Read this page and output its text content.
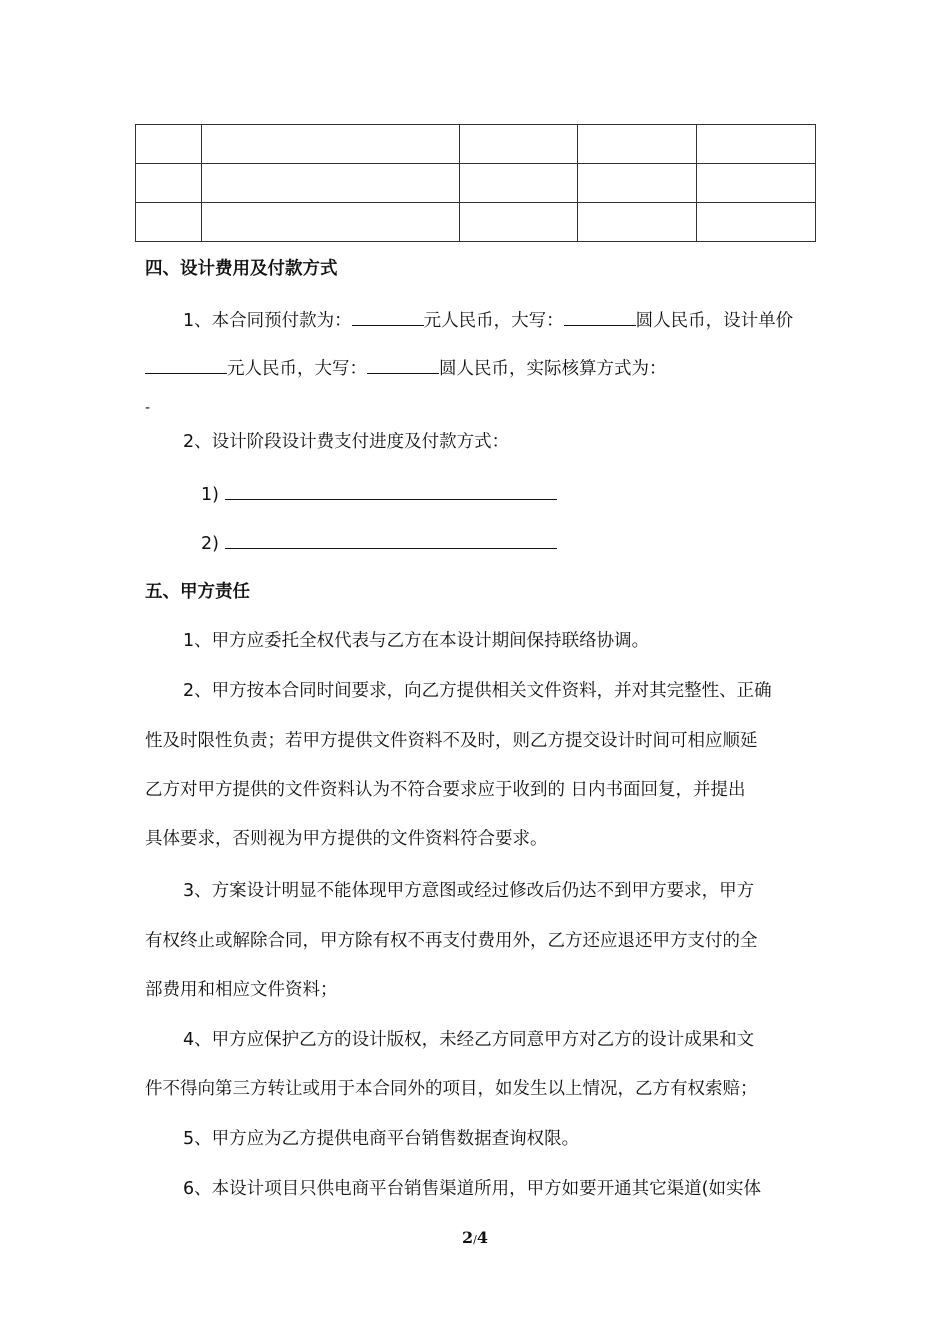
四、设计费用及付款方式
1、本合同预付款为：	元人民币，大写：	圆人民币，设计单价
元人民币，大写：	圆人民币，实际核算方式为：
-
2、设计阶段设计费支付进度及付款方式：
1)
2)
五、甲方责任
1、甲方应委托全权代表与乙方在本设计期间保持联络协调。
2、甲方按本合同时间要求，向乙方提供相关文件资料，并对其完整性、正确
性及时限性负责；若甲方提供文件资料不及时，则乙方提交设计时间可相应顺延
乙方对甲方提供的文件资料认为不符合要求应于收到的 日内书面回复，并提出
具体要求，否则视为甲方提供的文件资料符合要求。
3、方案设计明显不能体现甲方意图或经过修改后仍达不到甲方要求，甲方
有权终止或解除合同，甲方除有权不再支付费用外，乙方还应退还甲方支付的全
部费用和相应文件资料；
4、甲方应保护乙方的设计版权，未经乙方同意甲方对乙方的设计成果和文
件不得向第三方转让或用于本合同外的项目，如发生以上情况，乙方有权索赔；
5、甲方应为乙方提供电商平台销售数据查询权限。
6、本设计项目只供电商平台销售渠道所用，甲方如要开通其它渠道(如实体
2/4
